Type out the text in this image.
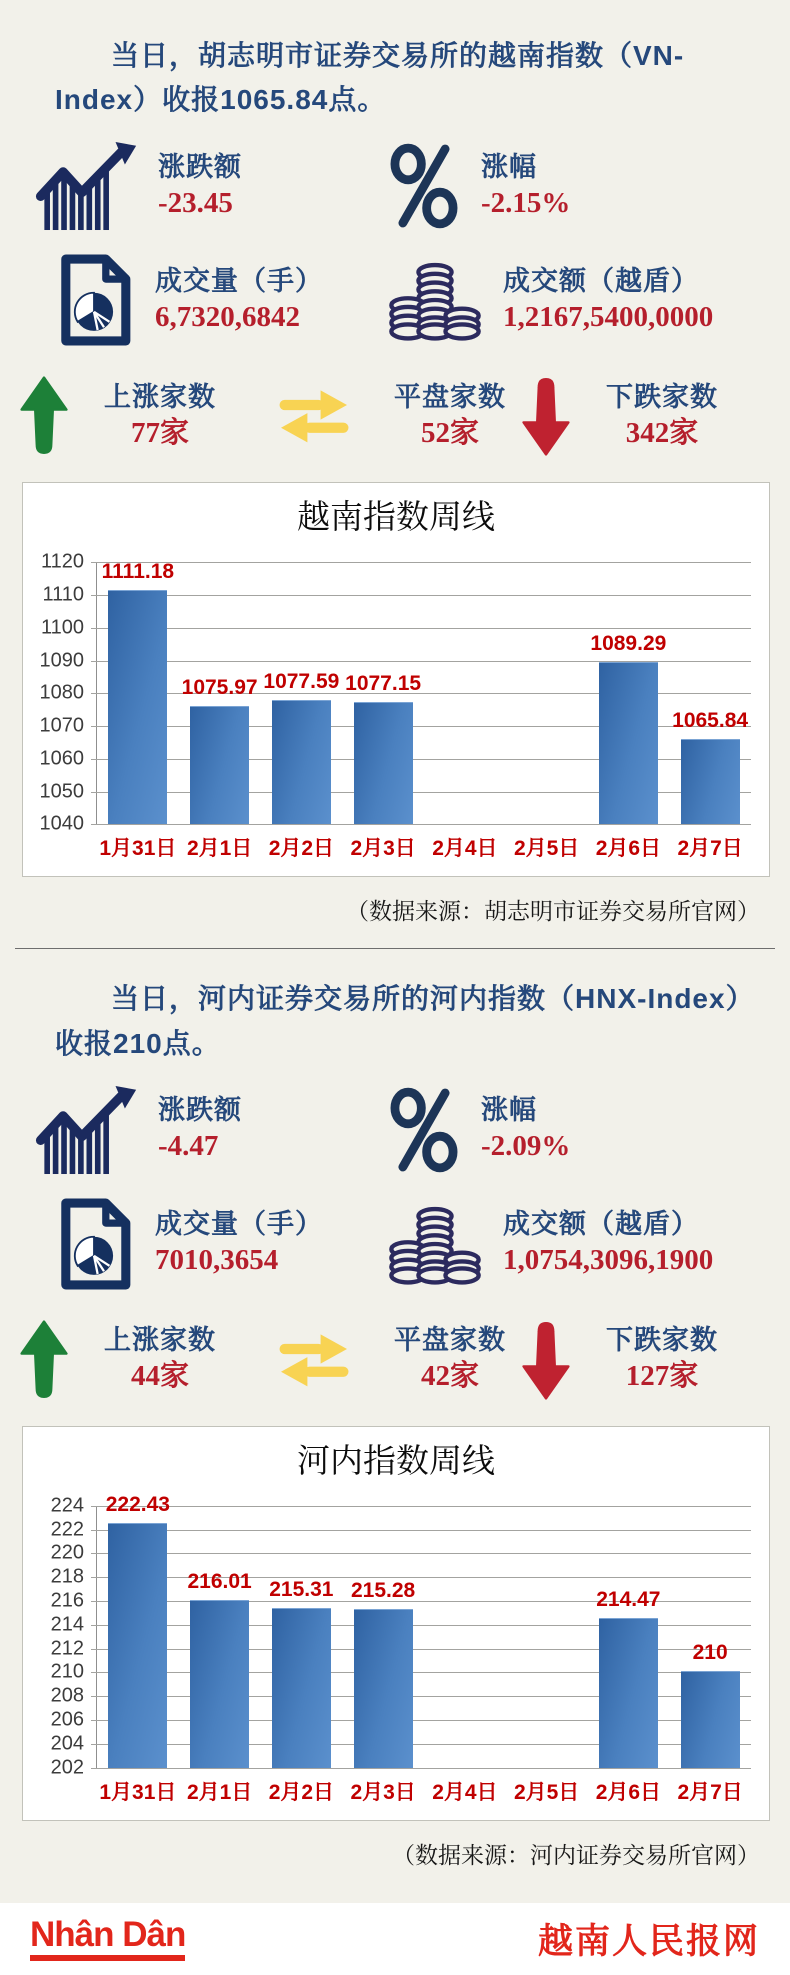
当日，胡志明市证券交易所的越南指数（VN-Index）收报1065.84点。

涨跌额
-23.45
涨幅
-2.15%
成交量（手）
6,7320,6842
成交额（越盾）
1,2167,5400,0000
上涨家数
77家
平盘家数
52家
下跌家数
342家
越南指数周线
1120
1110
1100
1090
1080
1070
1060
1050
1040
1111.18
1075.97 1077.59 1077.15
1089.29
1065.84
1月31日 2月1日 2月2日 2月3日 2月4日 2月5日 2月6日 2月7日

（数据来源：胡志明市证券交易所官网）

当日，河内证券交易所的河内指数（HNX-Index）收报210点。

涨跌额
-4.47
涨幅
-2.09%
成交量（手）
7010,3654
成交额（越盾）
1,0754,3096,1900
上涨家数
44家
平盘家数
42家
下跌家数
127家
河内指数周线
224
222
220
218
216
214
212
210
208
206
204
202
222.43
216.01 215.31 215.28	214.47
210
1月31日 2月1日 2月2日 2月3日 2月4日 2月5日 2月6日 2月7日

（数据来源：河内证券交易所官网）

Nhân Dân	越南人民报网
